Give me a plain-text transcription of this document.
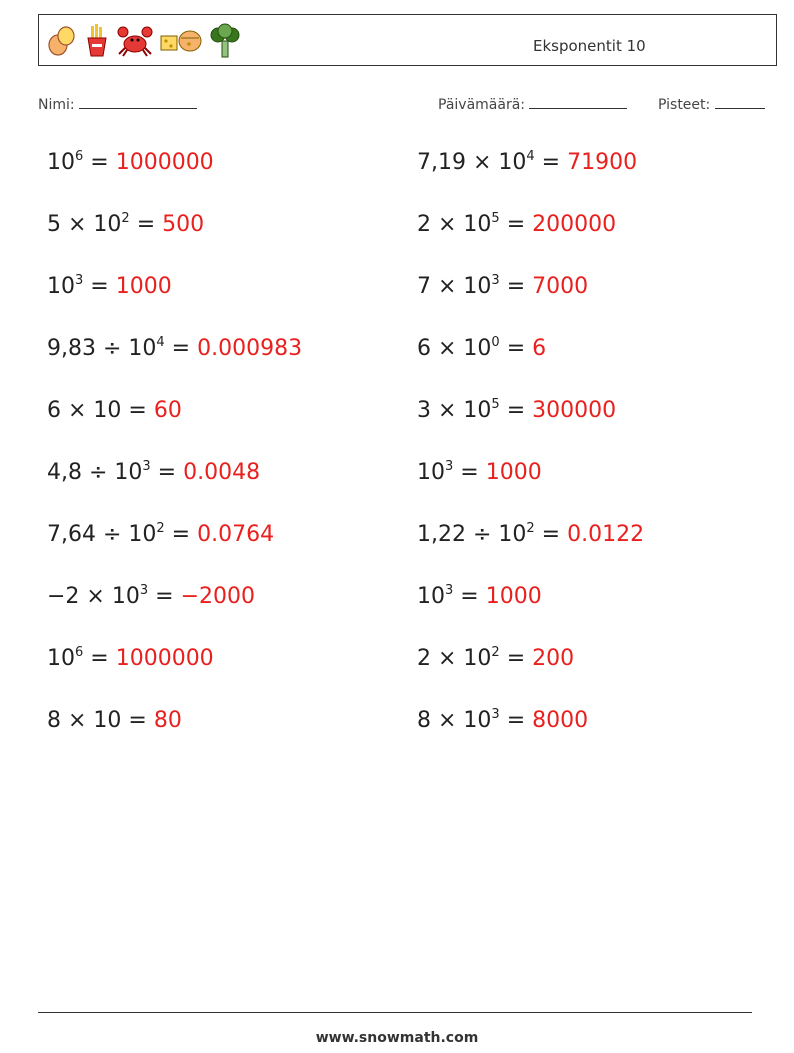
Eksponentit 10
Nimi:	Päivämäärä:	Pisteet:
$10^6 = 1000000$	$7,19 \times 10^4 = 71900$
$5 \times 10^2 = 500$	$2 \times 10^5 = 200000$
$10^3 = 1000$	$7 \times 10^3 = 7000$
$9,83 \div 10^4 = 0.000983$	$6 \times 10^0 = 6$
6 × 10 = 60	$3 \times 10^5 = 300000$
$4,8 \div 10^3 = 0.0048$	$10^3 = 1000$
$7,64 \div 10^2 = 0.0764$	$1,22 \div 10^2 = 0.0122$
$-2 \times 10^3 = -2000$	$10^3 = 1000$
$10^6 = 1000000$	$2 \times 10^2 = 200$
8 × 10 = 80	$8 \times 10^3 = 8000$
www.snowmath.com
